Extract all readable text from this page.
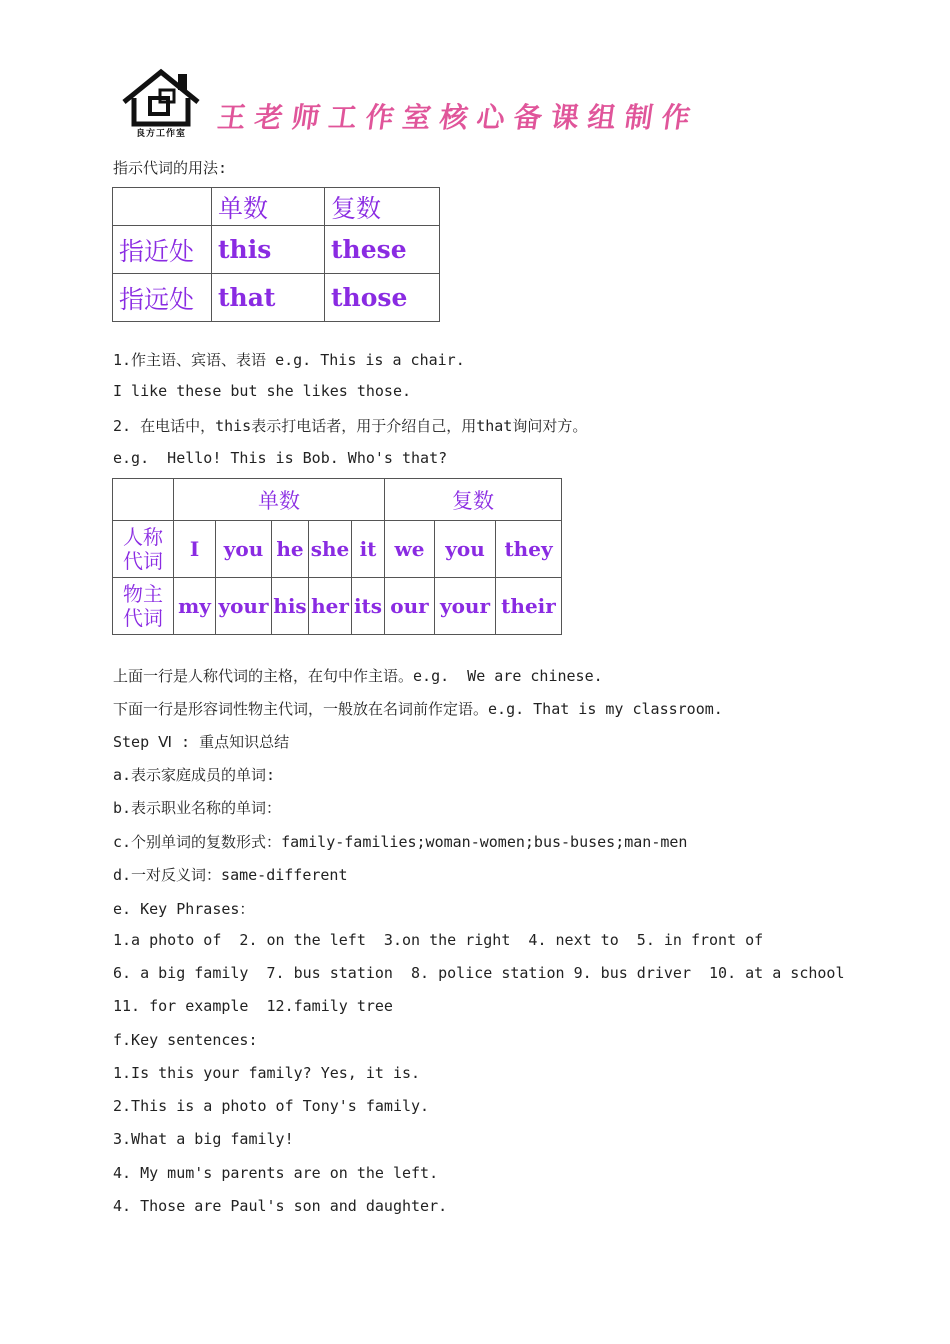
良方工作室	王老师工作室核心备课组制作
指示代词的用法:
	单数	复数
指近处	this	these
指远处	that	those
1.作主语、宾语、表语 e.g. This is a chair.
I like these but she likes those.
2. 在电话中，this表示打电话者，用于介绍自己，用that询问对方。
e.g.  Hello! This is Bob. Who's that?
	单数					复数		
人称
代词	I	you	he	she	it	we	you	they
物主
代词	my	your	his	her	its	our	your	their
上面一行是人称代词的主格，在句中作主语。e.g.  We are chinese.
下面一行是形容词性物主代词，一般放在名词前作定语。e.g. That is my classroom.
Step Ⅵ : 重点知识总结
a.表示家庭成员的单词:
b.表示职业名称的单词：
c.个别单词的复数形式：family-families;woman-women;bus-buses;man-men
d.一对反义词：same-different
e. Key Phrases：
1.a photo of  2. on the left  3.on the right  4. next to  5. in front of
6. a big family  7. bus station  8. police station 9. bus driver  10. at a school
11. for example  12.family tree
f.Key sentences:
1.Is this your family? Yes, it is.
2.This is a photo of Tony's family.
3.What a big family!
4. My mum's parents are on the left.
4. Those are Paul's son and daughter.
